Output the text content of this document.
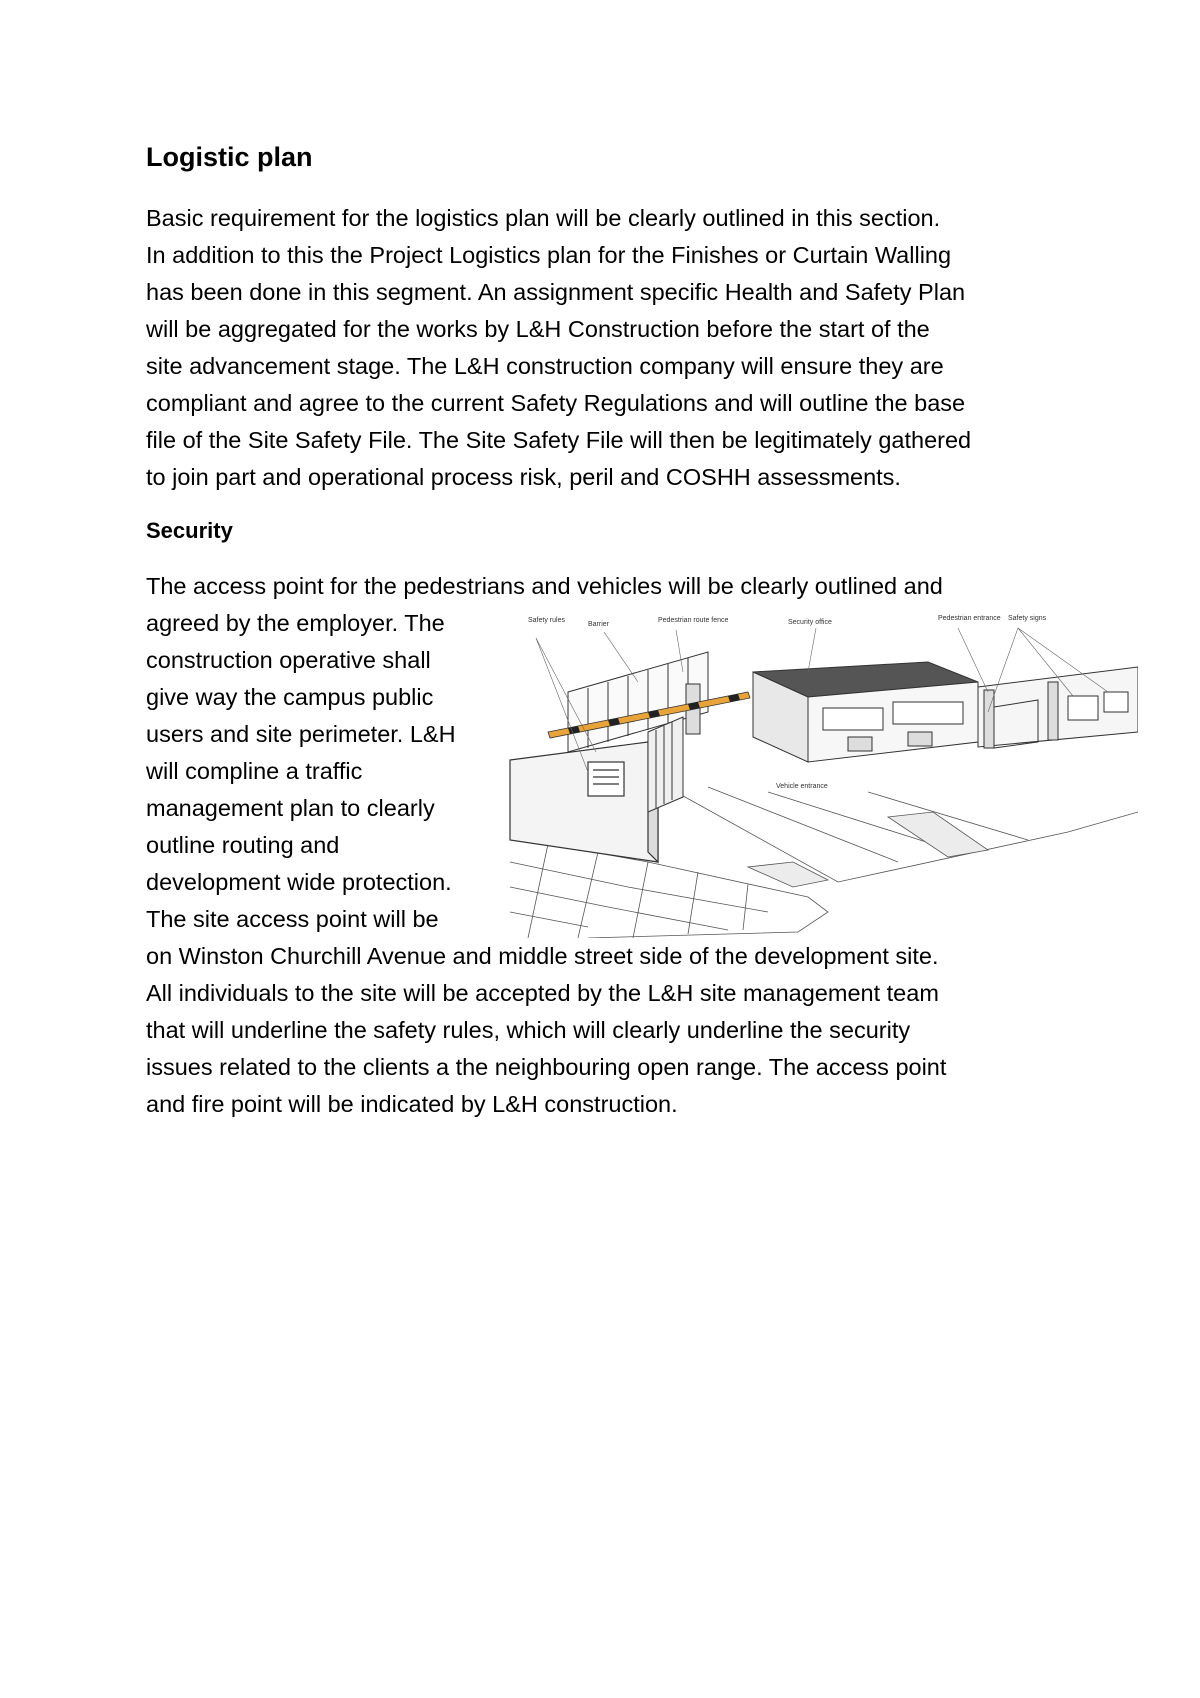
Logistic plan

Basic requirement for the logistics plan will be clearly outlined in this section.

In addition to this the Project Logistics plan for the Finishes or Curtain Walling

has been done in this segment. An assignment specific Health and Safety Plan

will be aggregated for the works by L&H Construction before the start of the

site advancement stage. The L&H construction company will ensure they are

compliant and agree to the current Safety Regulations and will outline the base

file of the Site Safety File. The Site Safety File will then be legitimately gathered

to join part and operational process risk, peril and COSHH assessments.

Security

The access point for the pedestrians and vehicles will be clearly outlined and

agreed by the employer. The

construction operative shall

give way the campus public

users and site perimeter. L&H

will compline a traffic

management plan to clearly

outline routing and

development wide protection.

The site access point will be

on Winston Churchill Avenue and middle street side of the development site.

All individuals to the site will be accepted by the L&H site management team

that will underline the safety rules, which will clearly underline the security

issues related to the clients a the neighbouring open range. The access point

and fire point will be indicated by L&H construction.

Safety rules
Barrier
Pedestrian route fence	Security office
Pedestrian entrance Safety signs
Vehicle entrance
